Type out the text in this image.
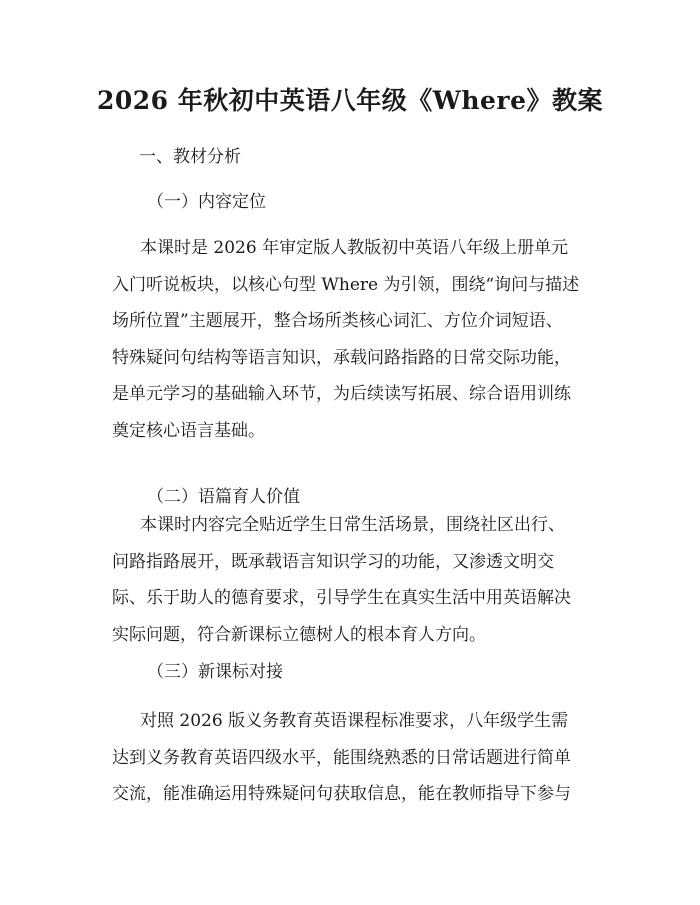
2026 年秋初中英语八年级《Where》教案

一、教材分析

（一）内容定位

本课时是 2026 年审定版人教版初中英语八年级上册单元
入门听说板块，以核心句型 Where 为引领，围绕“询问与描述
场所位置”主题展开，整合场所类核心词汇、方位介词短语、
特殊疑问句结构等语言知识，承载问路指路的日常交际功能，
是单元学习的基础输入环节，为后续读写拓展、综合语用训练
奠定核心语言基础。

（二）语篇育人价值

本课时内容完全贴近学生日常生活场景，围绕社区出行、
问路指路展开，既承载语言知识学习的功能，又渗透文明交
际、乐于助人的德育要求，引导学生在真实生活中用英语解决
实际问题，符合新课标立德树人的根本育人方向。

（三）新课标对接

对照 2026 版义务教育英语课程标准要求，八年级学生需
达到义务教育英语四级水平，能围绕熟悉的日常话题进行简单
交流，能准确运用特殊疑问句获取信息，能在教师指导下参与
